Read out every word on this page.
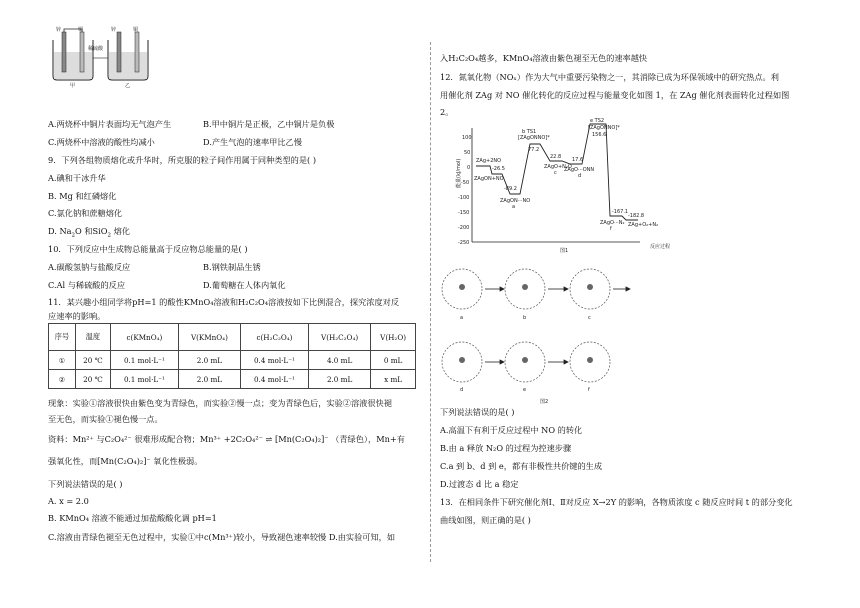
锌	铜	锌	铜
稀硫酸
甲	乙
A.两烧杯中铜片表面均无气泡产生	B.甲中铜片是正极，乙中铜片是负极
C.两烧杯中溶液的酸性均减小	D.产生气泡的速率甲比乙慢
9．下列各组物质熔化或升华时，所克服的粒子间作用属于同种类型的是( )
A.碘和干冰升华
B. Mg 和红磷熔化
C.氯化钠和蔗糖熔化
D. $Na_2O$ 和SiO$_2$ 熔化
10．下列反应中生成物总能量高于反应物总能量的是( )
A.碳酸氢钠与盐酸反应	B.钢铁制品生锈
C.Al 与稀硫酸的反应	D.葡萄糖在人体内氧化
11．某兴趣小组同学将pH=1 的酸性KMnO₄溶液和H₂C₂O₄溶液按如下比例混合，探究浓度对反
应速率的影响。
序号	温度	c(KMnO₄)	V(KMnO₄)	c(H₂C₂O₄)	V(H₂C₂O₄)	V(H₂O)
①	20 ℃	0.1 mol·L⁻¹	2.0 mL	0.4 mol·L⁻¹	4.0 mL	0 mL
②	20 ℃	0.1 mol·L⁻¹	2.0 mL	0.4 mol·L⁻¹	2.0 mL	x mL
现象：实验①溶液很快由紫色变为青绿色，而实验②慢一点；变为青绿色后，实验②溶液很快褪
至无色，而实验①褪色慢一点。
资料：Mn²⁺ 与C₂O₄²⁻ 很难形成配合物；Mn³⁺ +2C₂O₄²⁻ ⇌ [Mn(C₂O₄)₂]⁻ （青绿色），Mn+有
强氧化性，而[Mn(C₂O₄)₂]⁻ 氧化性极弱。
下列说法错误的是( )
A. x = 2.0
B. KMnO₄ 溶液不能通过加盐酸酸化调 pH=1
C.溶液由青绿色褪至无色过程中，实验①中c(Mn³⁺)较小，导致褪色速率较慢 D.由实验可知，如
入H₂C₂O₄越多，KMnO₄溶液由紫色褪至无色的速率越快
12．氮氧化物（NOₓ）作为大气中重要污染物之一，其消除已成为环保领域中的研究热点。利
用催化剂 ZAg 对 NO 催化转化的反应过程与能量变化如图 1，在 ZAg 催化剂表面转化过程如图
2。
能量(kJ/mol)
反应过程
100
50
0
-50
-100
-150
-200
-250
ZAg+2NO
-26.5
ZAgON+NO
b TS1
[ZAgONNO]*
77.2
-89.2
ZAgON···NO
a
22.8
ZAgO+N₂O
c
17.6
ZAgO···ONN
d
e TS2
[ZAgONNO]*
156.6
-167.1
ZAgO···N₂
f
-182.8
ZAg+O₂+N₂
图1
a	b	c
d	e	f
图2
下列说法错误的是( )
A.高温下有利于反应过程中 NO 的转化
B.由 a 释放 N₂O 的过程为控速步骤
C.a 到 b、d 到 e，都有非极性共价键的生成
D.过渡态 d 比 a 稳定
13．在相同条件下研究催化剂Ⅰ、Ⅱ对反应 X→2Y 的影响，各物质浓度 c 随反应时间 t 的部分变化
曲线如图，则正确的是( )
